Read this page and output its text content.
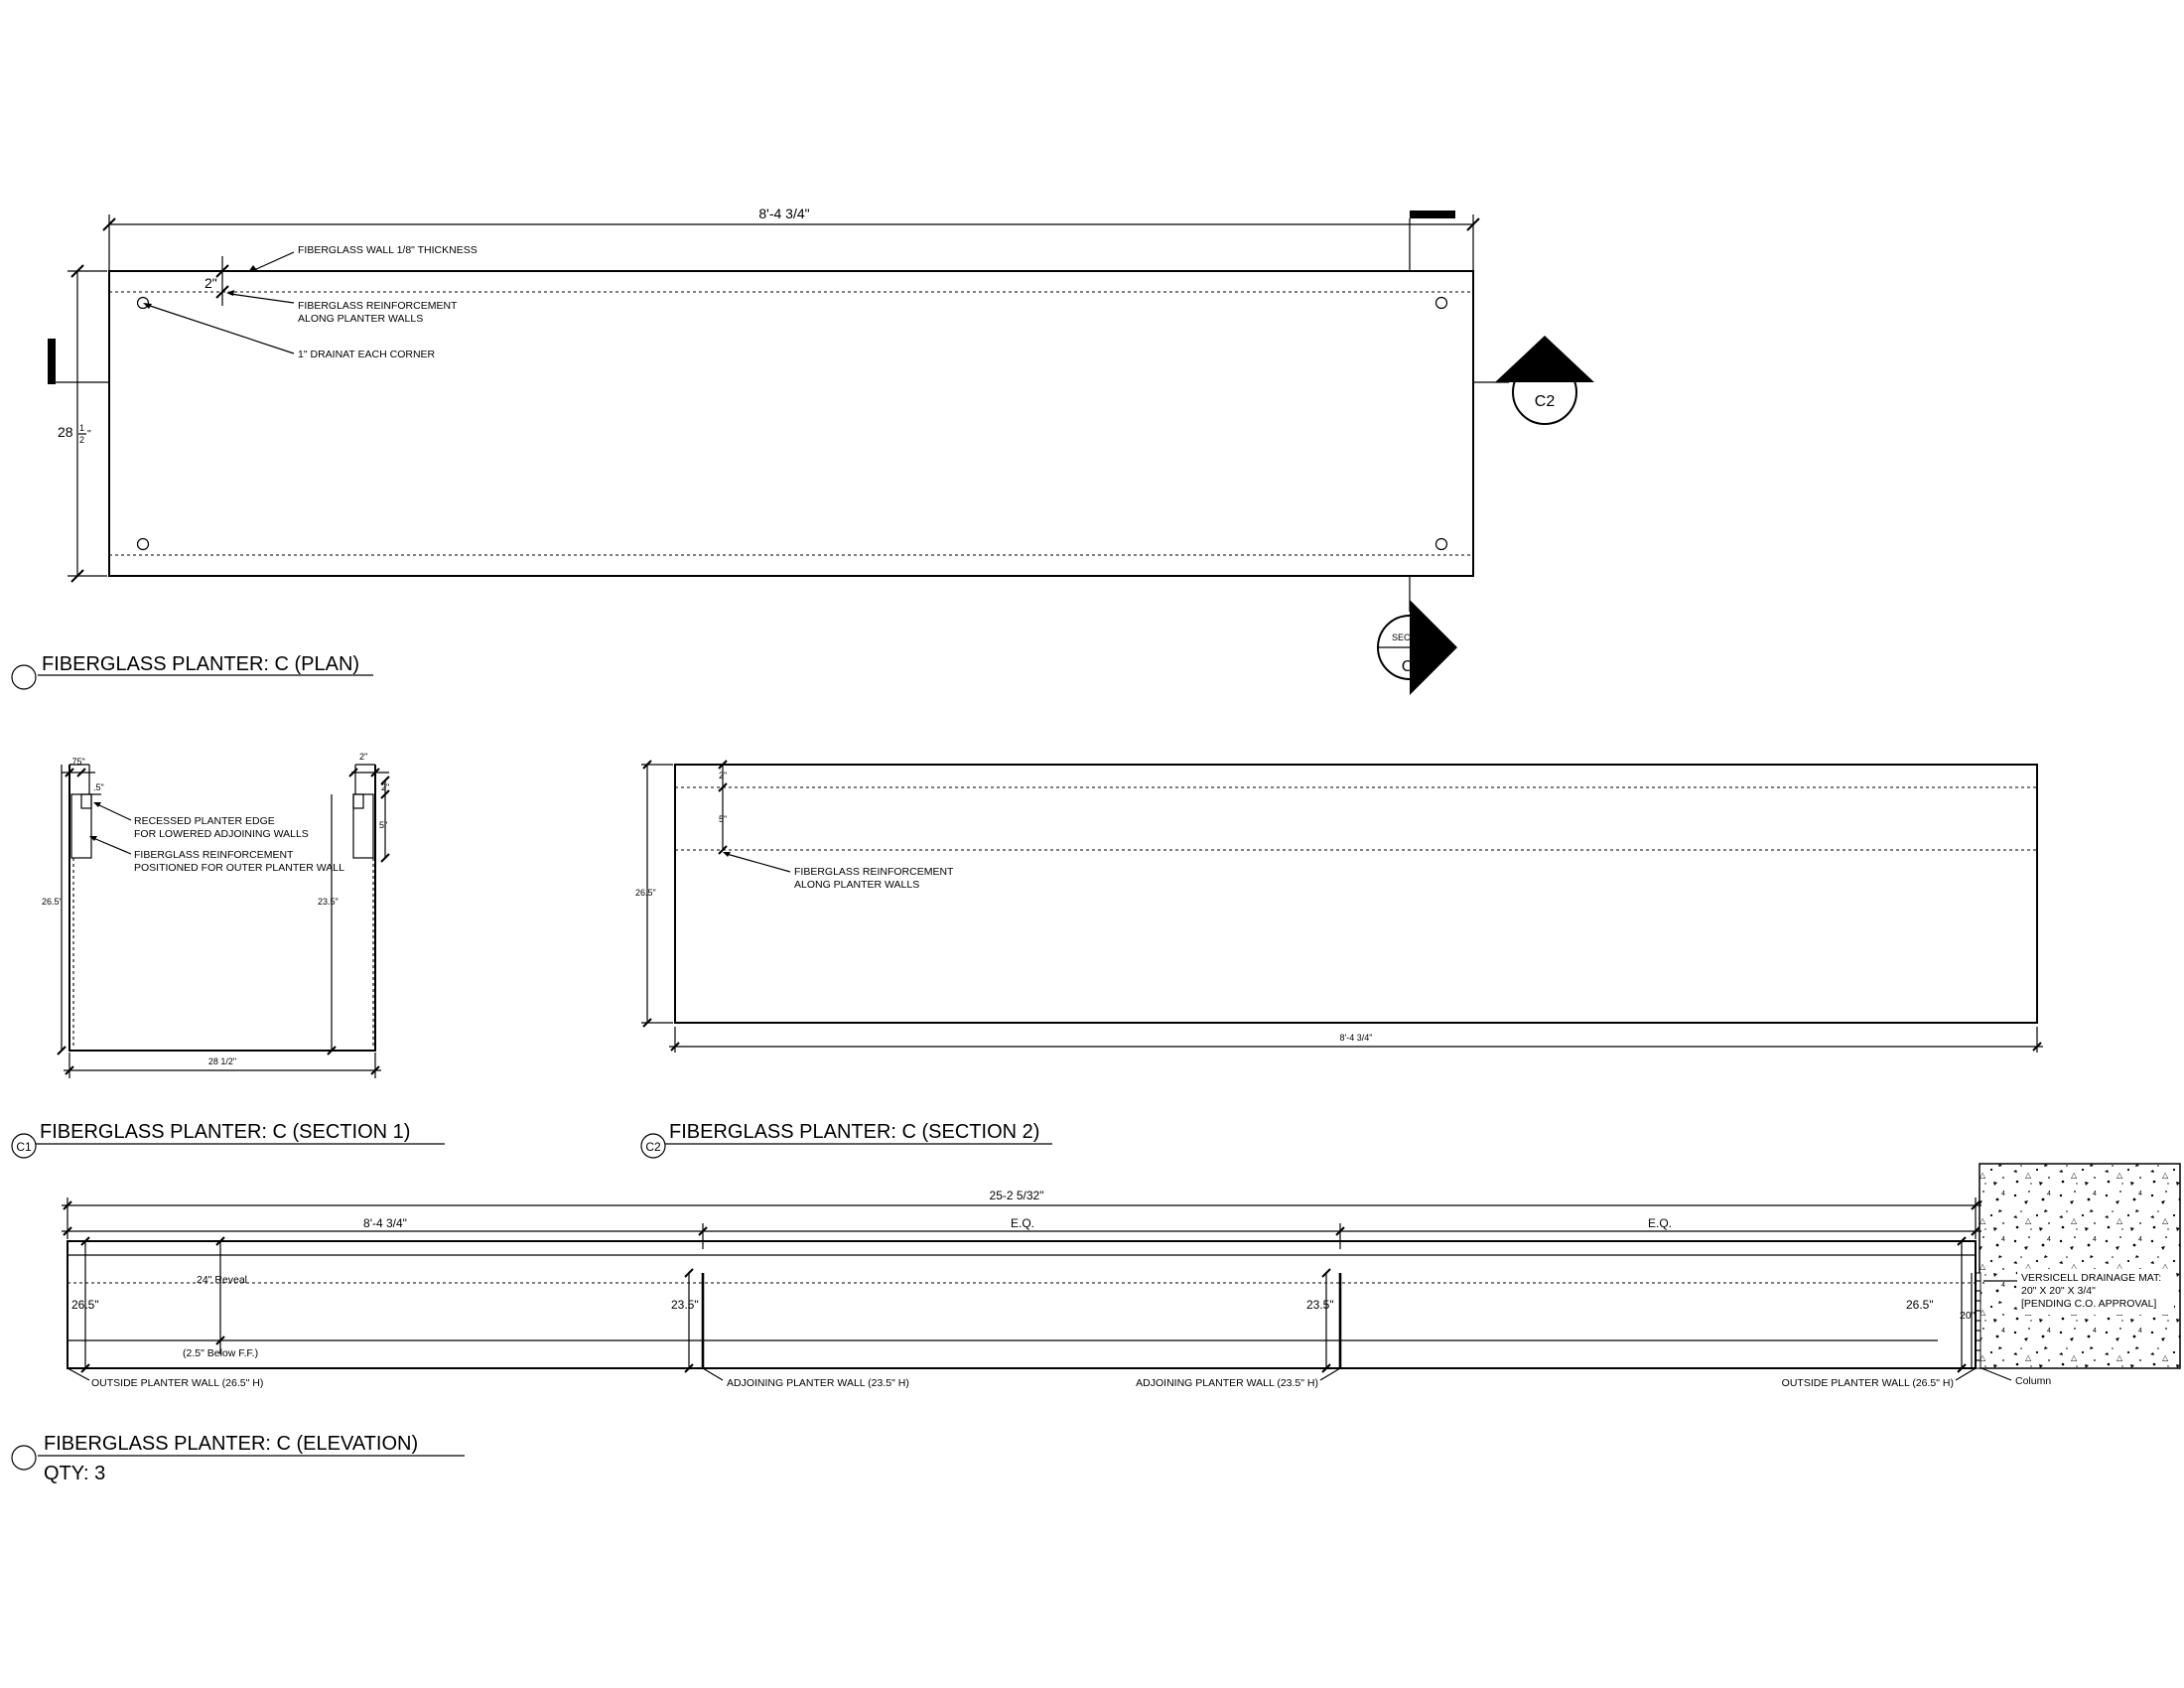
8'-4 3/4"
28 1
2 "
2"
FIBERGLASS WALL 1/8" THICKNESS
FIBERGLASS REINFORCEMENT
ALONG PLANTER WALLS
1" DRAINAT EACH CORNER
SECTION
C2
SECTION
C1
FIBERGLASS PLANTER: C (PLAN)
.75"	2"
.5"	2"
5"
26.5"	23.5"
28 1/2"
RECESSED PLANTER EDGE
FOR LOWERED ADJOINING WALLS
FIBERGLASS REINFORCEMENT
POSITIONED FOR OUTER PLANTER WALL
C1
FIBERGLASS PLANTER: C (SECTION 1)
2"
5"
26.5"
8'-4 3/4"
FIBERGLASS REINFORCEMENT
ALONG PLANTER WALLS
C2
FIBERGLASS PLANTER: C (SECTION 2)
25-2 5/32"
8'-4 3/4"	E.Q.	E.Q.
24" Reveal
(2.5" Below F.F.)
26.5"	23.5"	23.5"	26.5"
20"
OUTSIDE PLANTER WALL (26.5" H)	ADJOINING PLANTER WALL (23.5" H)	ADJOINING PLANTER WALL (23.5" H)	OUTSIDE PLANTER WALL (26.5" H)	Column
VERSICELL DRAINAGE MAT:
20" X 20" X 3/4"
[PENDING C.O. APPROVAL]
FIBERGLASS PLANTER: C (ELEVATION)
QTY: 3
